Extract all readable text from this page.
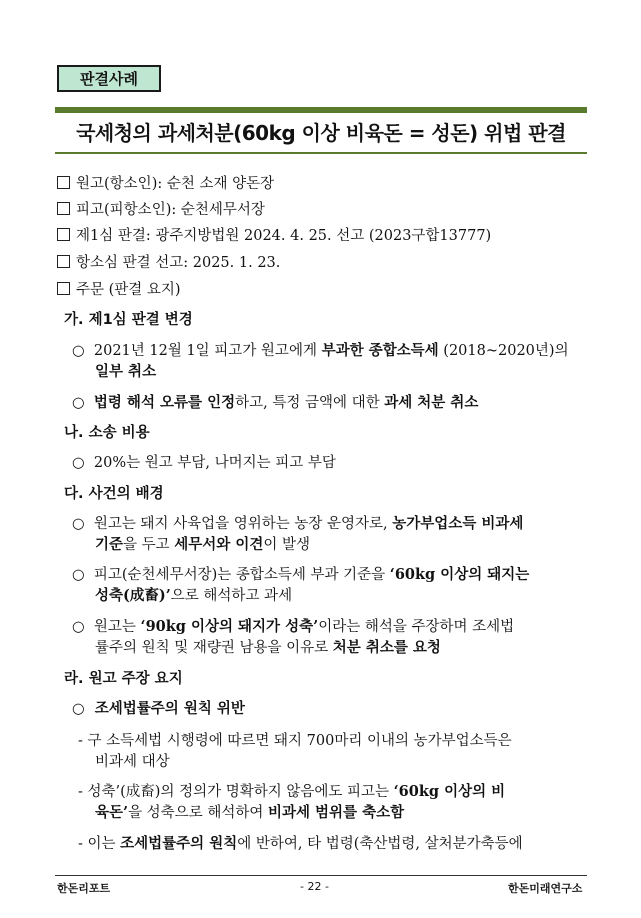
판결사례
국세청의 과세처분(60kg 이상 비육돈 = 성돈) 위법 판결
원고(항소인): 순천 소재 양돈장
피고(피항소인): 순천세무서장
제1심 판결: 광주지방법원 2024. 4. 25. 선고 (2023구합13777)
항소심 판결 선고: 2025. 1. 23.
주문 (판결 요지)
가. 제1심 판결 변경
○ 2021년 12월 1일 피고가 원고에게 부과한 종합소득세 (2018~2020년)의
일부 취소
○ 법령 해석 오류를 인정하고, 특정 금액에 대한 과세 처분 취소
나. 소송 비용
○ 20%는 원고 부담, 나머지는 피고 부담
다. 사건의 배경
○ 원고는 돼지 사육업을 영위하는 농장 운영자로, 농가부업소득 비과세
기준을 두고 세무서와 이견이 발생
○ 피고(순천세무서장)는 종합소득세 부과 기준을 ‘60kg 이상의 돼지는
성축(成畜)’으로 해석하고 과세
○ 원고는 ‘90kg 이상의 돼지가 성축’이라는 해석을 주장하며 조세법
률주의 원칙 및 재량권 남용을 이유로 처분 취소를 요청
라. 원고 주장 요지
○ 조세법률주의 원칙 위반
- 구 소득세법 시행령에 따르면 돼지 700마리 이내의 농가부업소득은
비과세 대상
- 성축’(成畜)의 정의가 명확하지 않음에도 피고는 ‘60kg 이상의 비
육돈’을 성축으로 해석하여 비과세 범위를 축소함
- 이는 조세법률주의 원칙에 반하여, 타 법령(축산법령, 살처분가축등에
한돈리포트	- 22 -	한돈미래연구소
